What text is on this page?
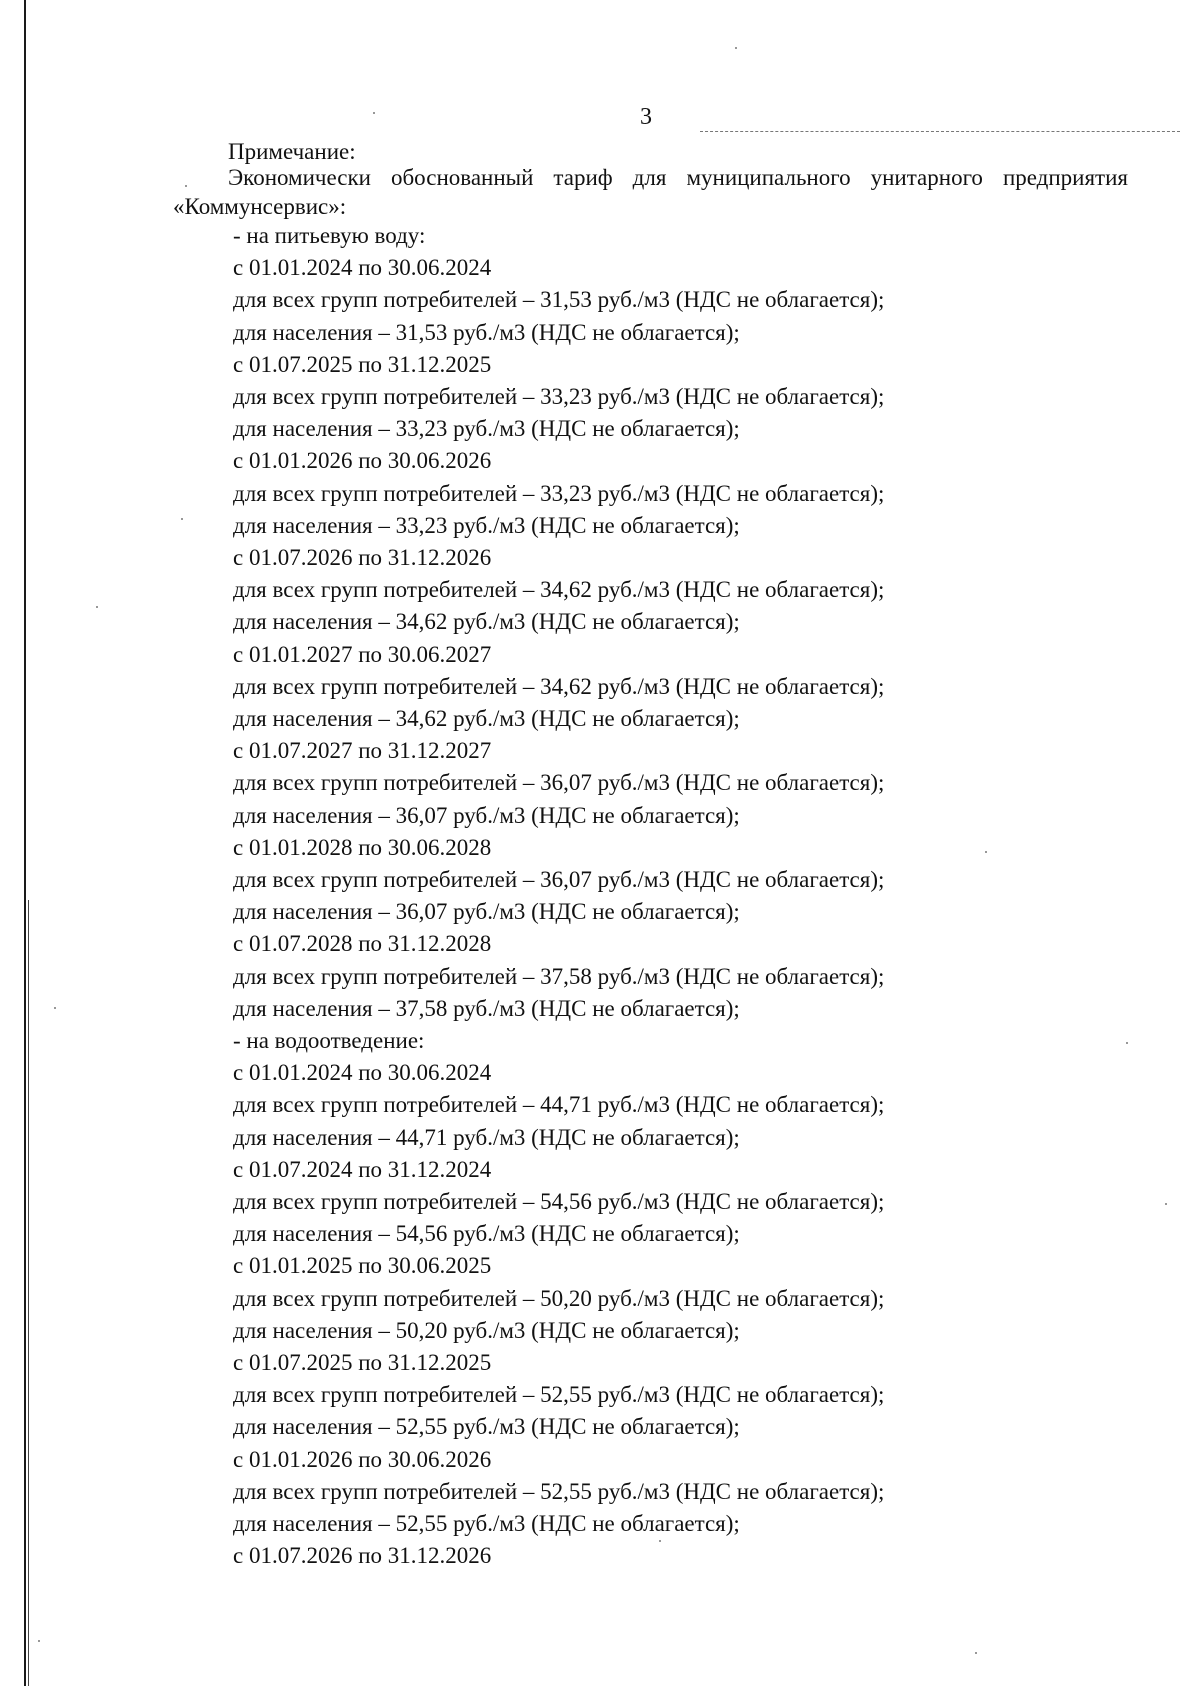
3
Примечание:
Экономически обоснованный тариф для муниципального унитарного предприятия
«Коммунсервис»:
- на питьевую воду:
с 01.01.2024 по 30.06.2024
для всех групп потребителей – 31,53 руб./м3 (НДС не облагается);
для населения – 31,53 руб./м3 (НДС не облагается);
с 01.07.2025 по 31.12.2025
для всех групп потребителей – 33,23 руб./м3 (НДС не облагается);
для населения – 33,23 руб./м3 (НДС не облагается);
с 01.01.2026 по 30.06.2026
для всех групп потребителей – 33,23 руб./м3 (НДС не облагается);
для населения – 33,23 руб./м3 (НДС не облагается);
с 01.07.2026 по 31.12.2026
для всех групп потребителей – 34,62 руб./м3 (НДС не облагается);
для населения – 34,62 руб./м3 (НДС не облагается);
с 01.01.2027 по 30.06.2027
для всех групп потребителей – 34,62 руб./м3 (НДС не облагается);
для населения – 34,62 руб./м3 (НДС не облагается);
с 01.07.2027 по 31.12.2027
для всех групп потребителей – 36,07 руб./м3 (НДС не облагается);
для населения – 36,07 руб./м3 (НДС не облагается);
с 01.01.2028 по 30.06.2028
для всех групп потребителей – 36,07 руб./м3 (НДС не облагается);
для населения – 36,07 руб./м3 (НДС не облагается);
с 01.07.2028 по 31.12.2028
для всех групп потребителей – 37,58 руб./м3 (НДС не облагается);
для населения – 37,58 руб./м3 (НДС не облагается);
- на водоотведение:
с 01.01.2024 по 30.06.2024
для всех групп потребителей – 44,71 руб./м3 (НДС не облагается);
для населения – 44,71 руб./м3 (НДС не облагается);
с 01.07.2024 по 31.12.2024
для всех групп потребителей – 54,56 руб./м3 (НДС не облагается);
для населения – 54,56 руб./м3 (НДС не облагается);
с 01.01.2025 по 30.06.2025
для всех групп потребителей – 50,20 руб./м3 (НДС не облагается);
для населения – 50,20 руб./м3 (НДС не облагается);
с 01.07.2025 по 31.12.2025
для всех групп потребителей – 52,55 руб./м3 (НДС не облагается);
для населения – 52,55 руб./м3 (НДС не облагается);
с 01.01.2026 по 30.06.2026
для всех групп потребителей – 52,55 руб./м3 (НДС не облагается);
для населения – 52,55 руб./м3 (НДС не облагается);
с 01.07.2026 по 31.12.2026
